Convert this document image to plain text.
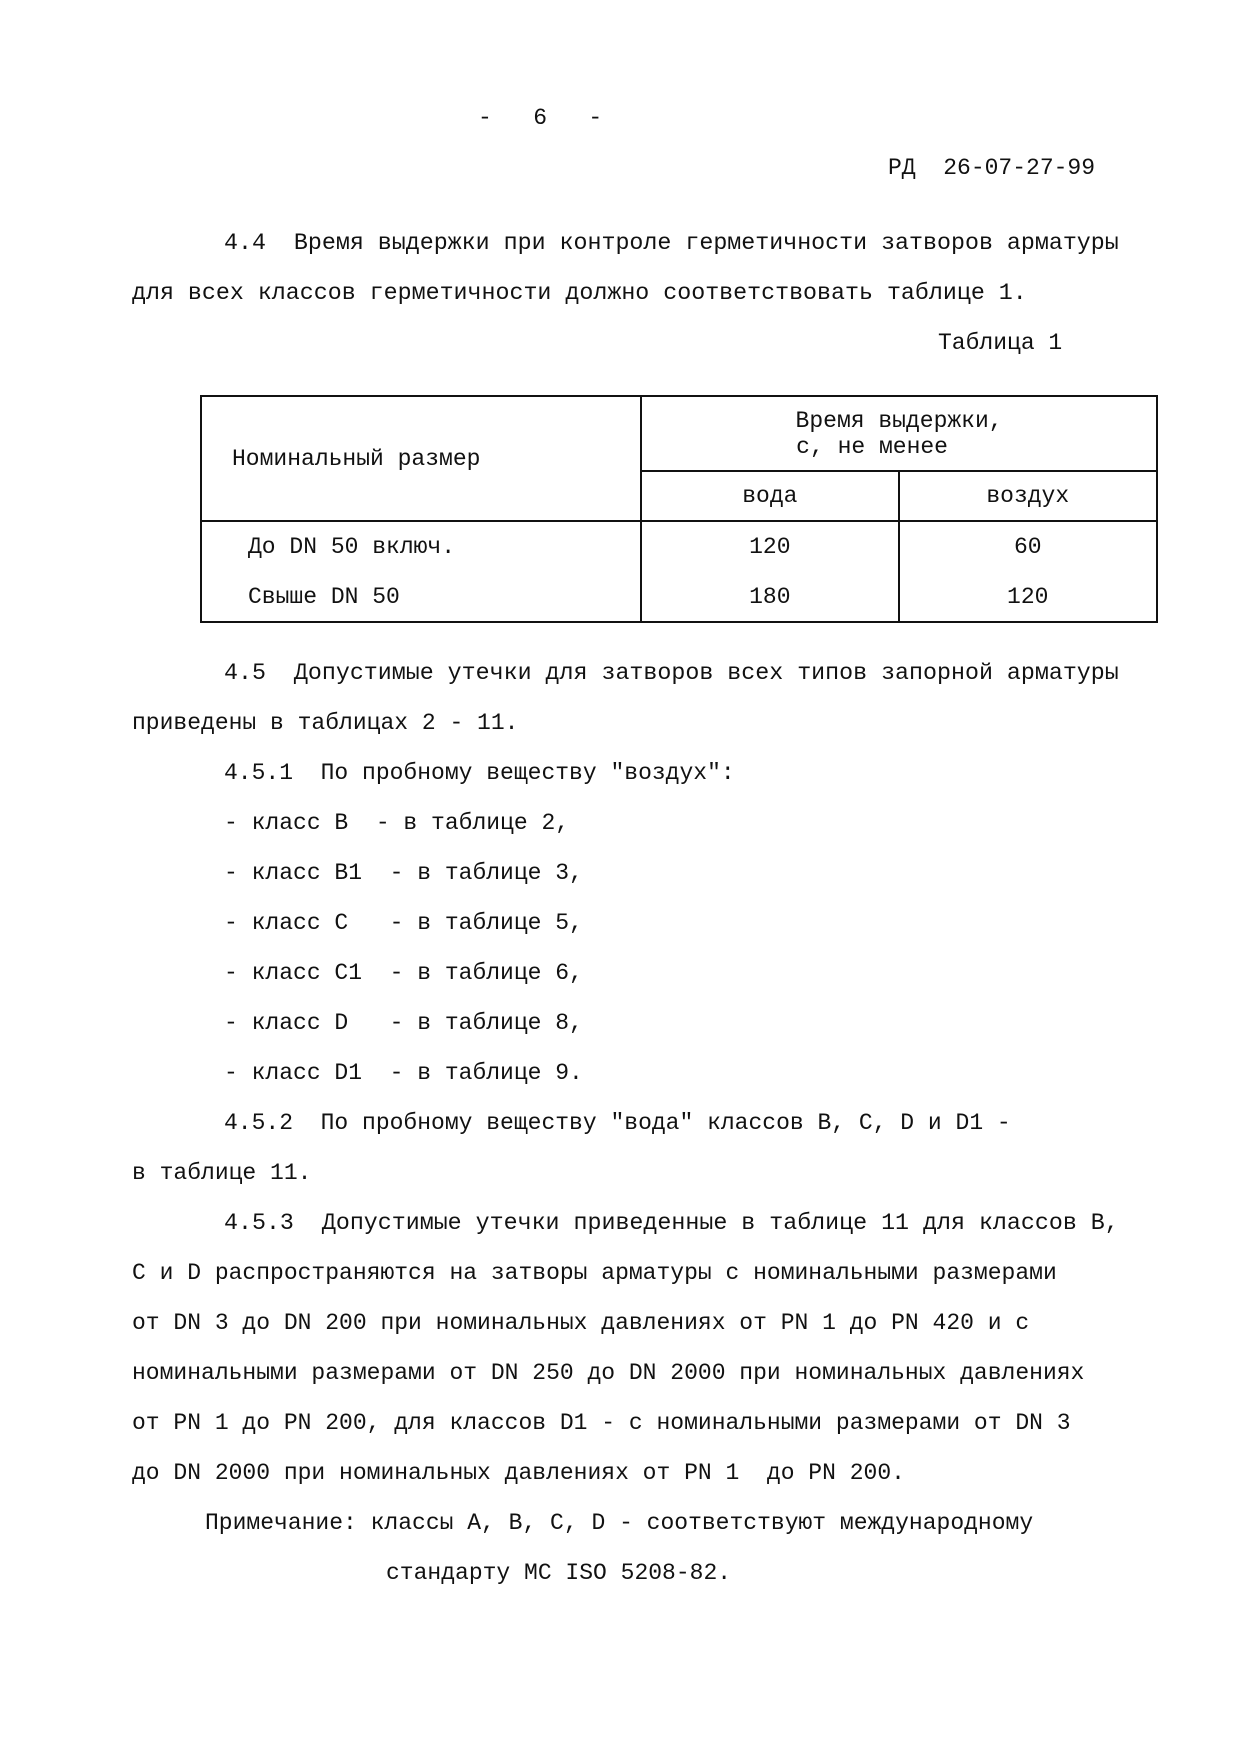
-   6   -
РД  26-07-27-99
4.4  Время выдержки при контроле герметичности затворов арматуры
для всех классов герметичности должно соответствовать таблице 1.
Таблица 1
Номинальный размер	Время выдержки,
с, не менее	

	вода	воздух
До DN 50 включ.	120	60
Свыше DN 50	180	120
4.5  Допустимые утечки для затворов всех типов запорной арматуры
приведены в таблицах 2 - 11.
4.5.1  По пробному веществу "воздух":
- класс B  - в таблице 2,
- класс B1  - в таблице 3,
- класс C   - в таблице 5,
- класс C1  - в таблице 6,
- класс D   - в таблице 8,
- класс D1  - в таблице 9.
4.5.2  По пробному веществу "вода" классов B, C, D и D1 -
в таблице 11.
4.5.3  Допустимые утечки приведенные в таблице 11 для классов B,
C и D распространяются на затворы арматуры с номинальными размерами
от DN 3 до DN 200 при номинальных давлениях от PN 1 до PN 420 и с
номинальными размерами от DN 250 до DN 2000 при номинальных давлениях
от PN 1 до PN 200, для классов D1 - с номинальными размерами от DN 3
до DN 2000 при номинальных давлениях от PN 1  до PN 200.
Примечание: классы A, B, C, D - соответствуют международному
стандарту МС ISO 5208-82.
